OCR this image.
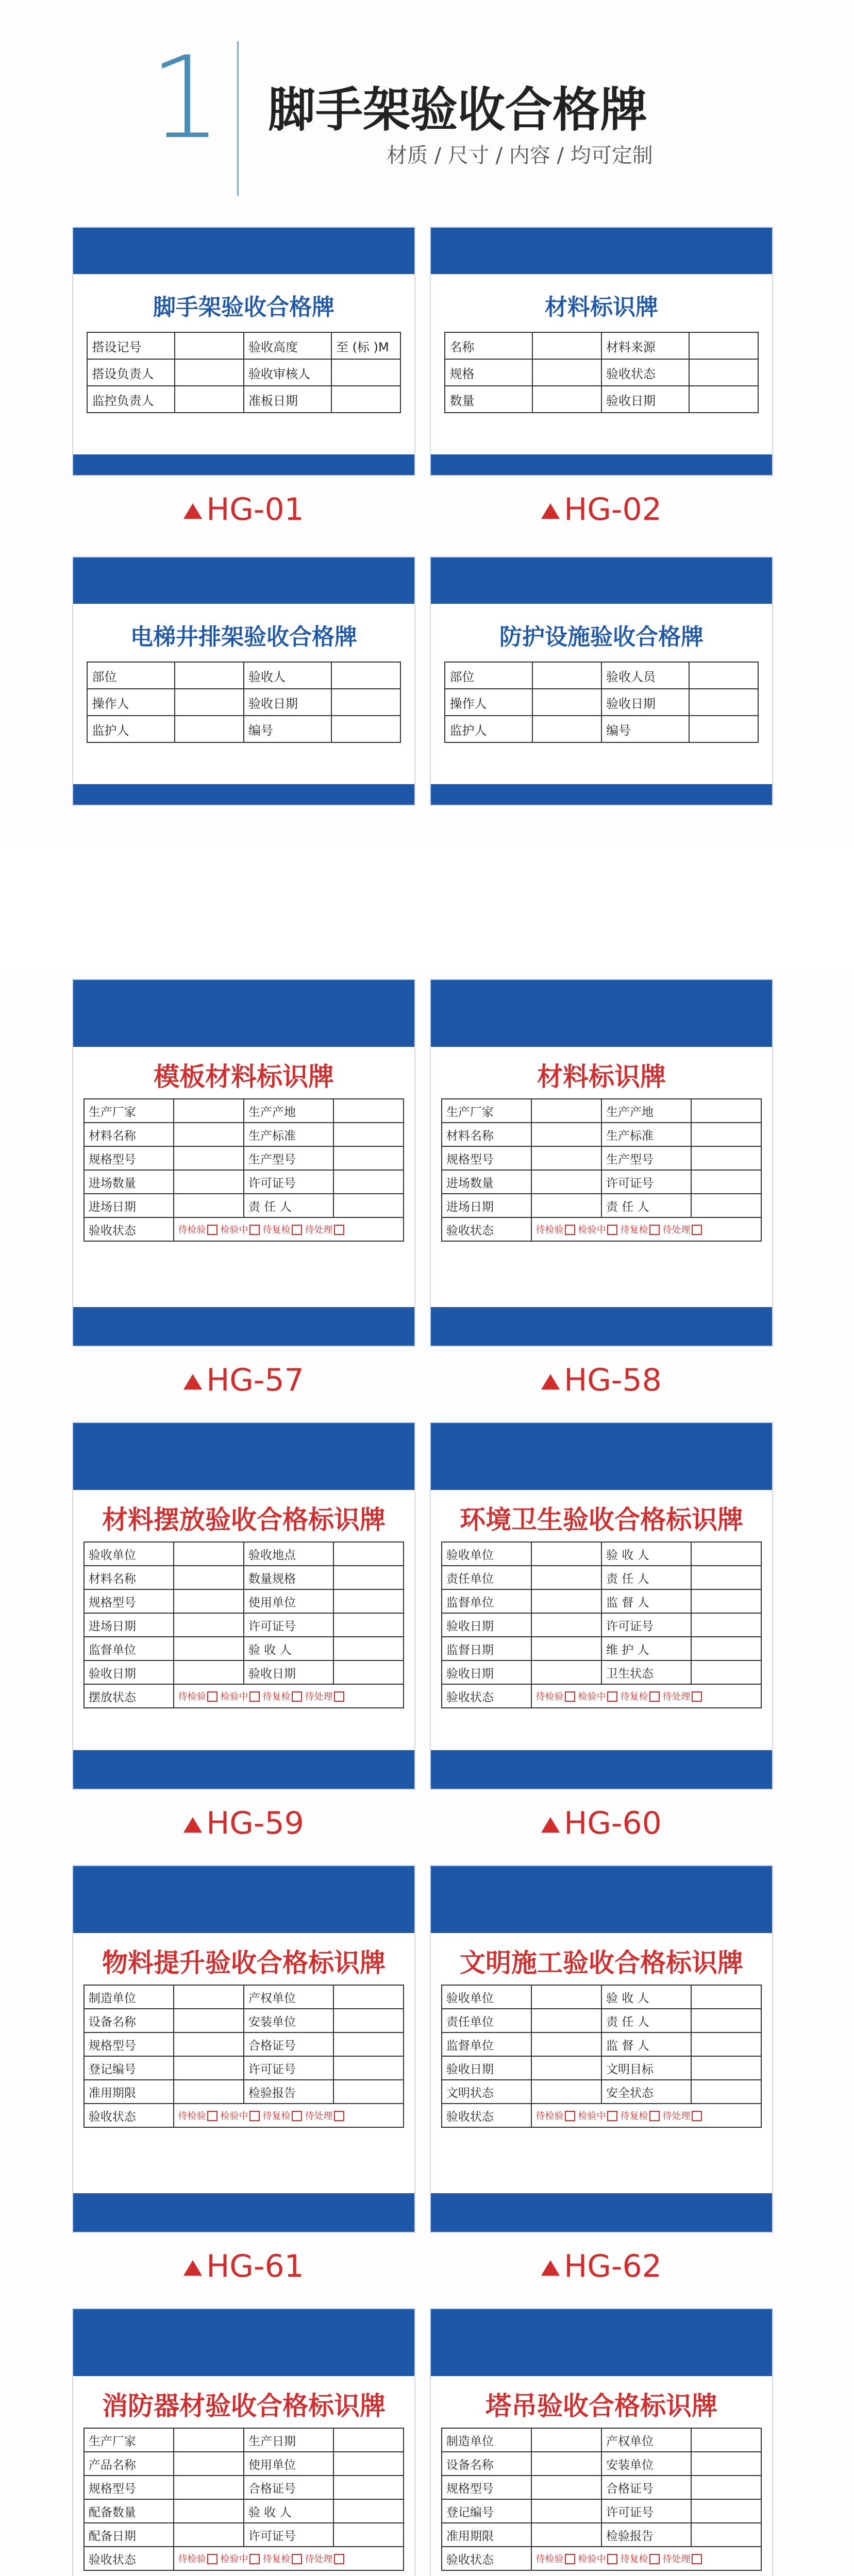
1 脚手架验收合格牌
材质 / 尺寸 / 内容 / 均可定制
脚手架验收合格牌
搭设记号		验收高度	至 (标 )M
搭设负责人		验收审核人	
监控负责人		准板日期	
HG-01
材料标识牌
名称		材料来源	
规格		验收状态	
数量		验收日期	
HG-02
电梯井排架验收合格牌
部位		验收人	
操作人		验收日期	
监护人		编号	
防护设施验收合格牌
部位		验收人员	
操作人		验收日期	
监护人		编号	
模板材料标识牌
生产厂家		生产产地	
材料名称		生产标准	
规格型号		生产型号	
进场数量		许可证号	
进场日期		责 任 人	
验收状态	待检验 检验中 待复检 待处理		
HG-57
材料标识牌
生产厂家		生产产地	
材料名称		生产标准	
规格型号		生产型号	
进场数量		许可证号	
进场日期		责 任 人	
验收状态	待检验 检验中 待复检 待处理		
HG-58
材料摆放验收合格标识牌
验收单位		验收地点	
材料名称		数量规格	
规格型号		使用单位	
进场日期		许可证号	
监督单位		验 收 人	
验收日期		验收日期	
摆放状态	待检验 检验中 待复检 待处理		
HG-59
环境卫生验收合格标识牌
验收单位		验 收 人	
责任单位		责 任 人	
监督单位		监 督 人	
验收日期		许可证号	
监督日期		维 护 人	
验收日期		卫生状态	
验收状态	待检验 检验中 待复检 待处理		
HG-60
物料提升验收合格标识牌
制造单位		产权单位	
设备名称		安装单位	
规格型号		合格证号	
登记编号		许可证号	
准用期限		检验报告	
验收状态	待检验 检验中 待复检 待处理		
HG-61
文明施工验收合格标识牌
验收单位		验 收 人	
责任单位		责 任 人	
监督单位		监 督 人	
验收日期		文明目标	
文明状态		安全状态	
验收状态	待检验 检验中 待复检 待处理		
HG-62
消防器材验收合格标识牌
生产厂家		生产日期	
产品名称		使用单位	
规格型号		合格证号	
配备数量		验 收 人	
配备日期		许可证号	
验收状态	待检验 检验中 待复检 待处理		
塔吊验收合格标识牌
制造单位		产权单位	
设备名称		安装单位	
规格型号		合格证号	
登记编号		许可证号	
准用期限		检验报告	
验收状态	待检验 检验中 待复检 待处理		
